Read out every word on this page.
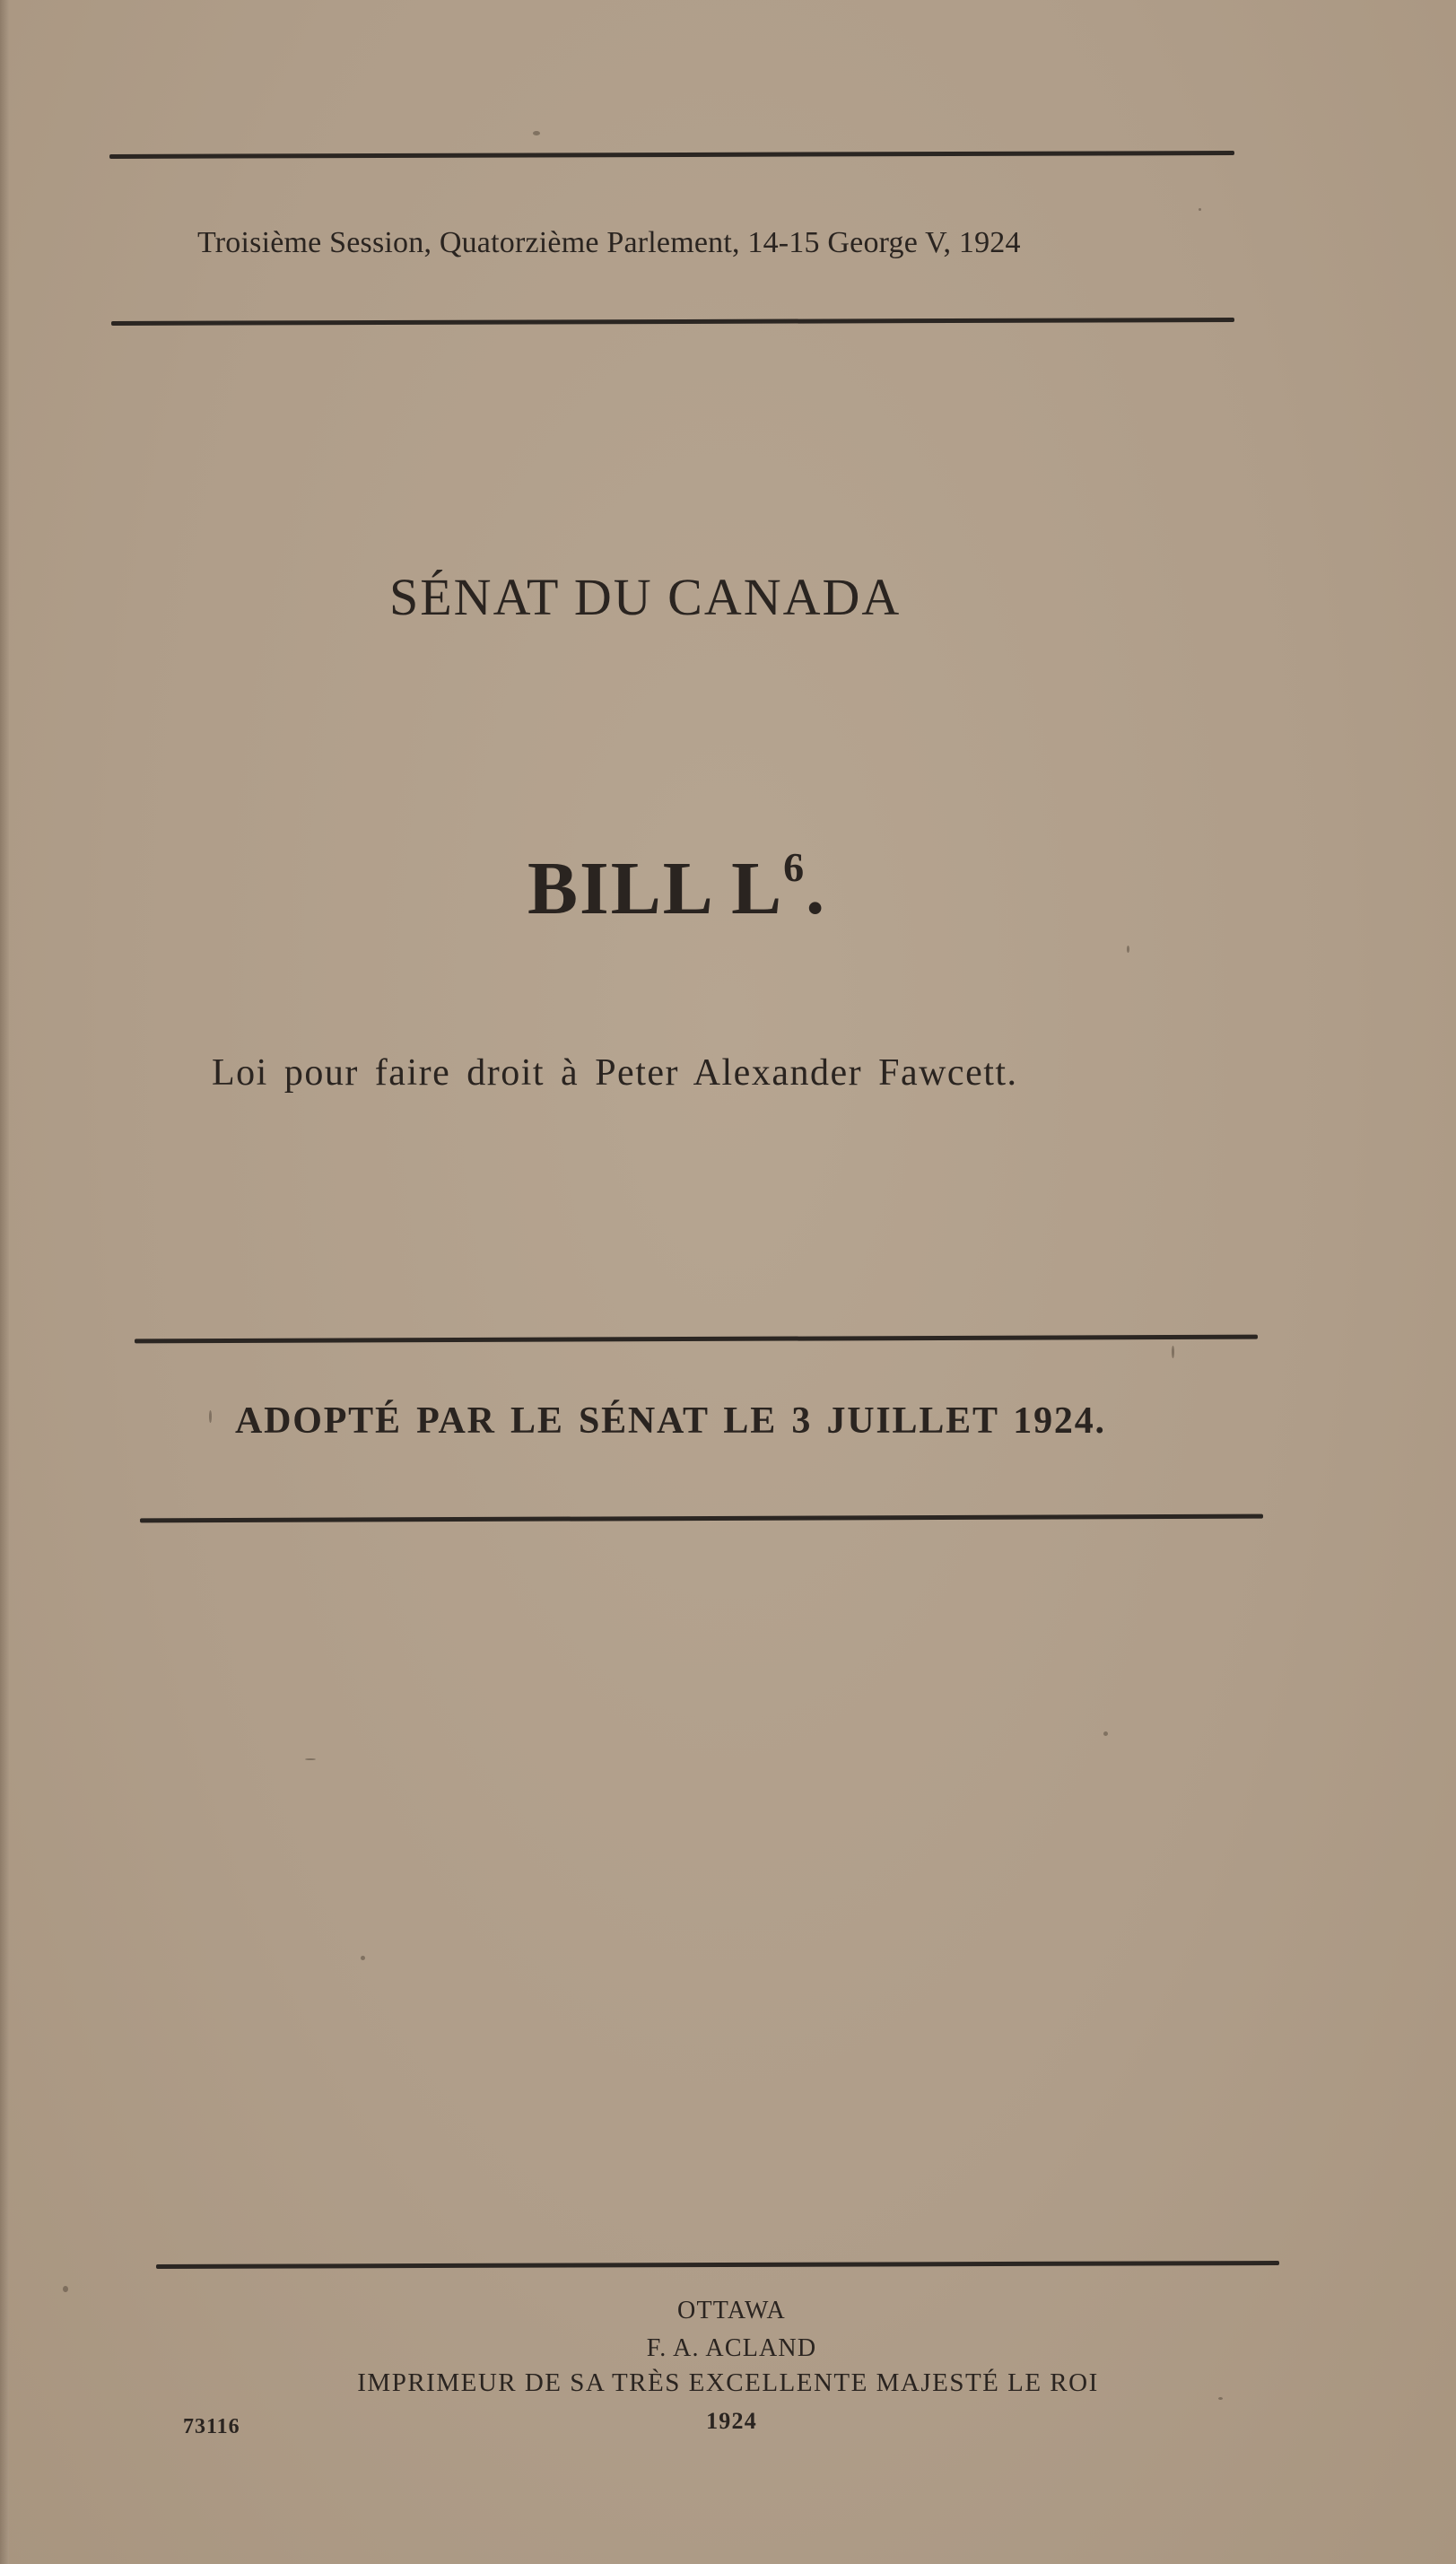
Troisième Session, Quatorzième Parlement, 14-15 George V, 1924
SÉNAT DU CANADA
BILL $L^6$.
Loi pour faire droit à Peter Alexander Fawcett.
ADOPTÉ PAR LE SÉNAT LE 3 JUILLET 1924.
OTTAWA
F. A. ACLAND
IMPRIMEUR DE SA TRÈS EXCELLENTE MAJESTÉ LE ROI
1924
73116
